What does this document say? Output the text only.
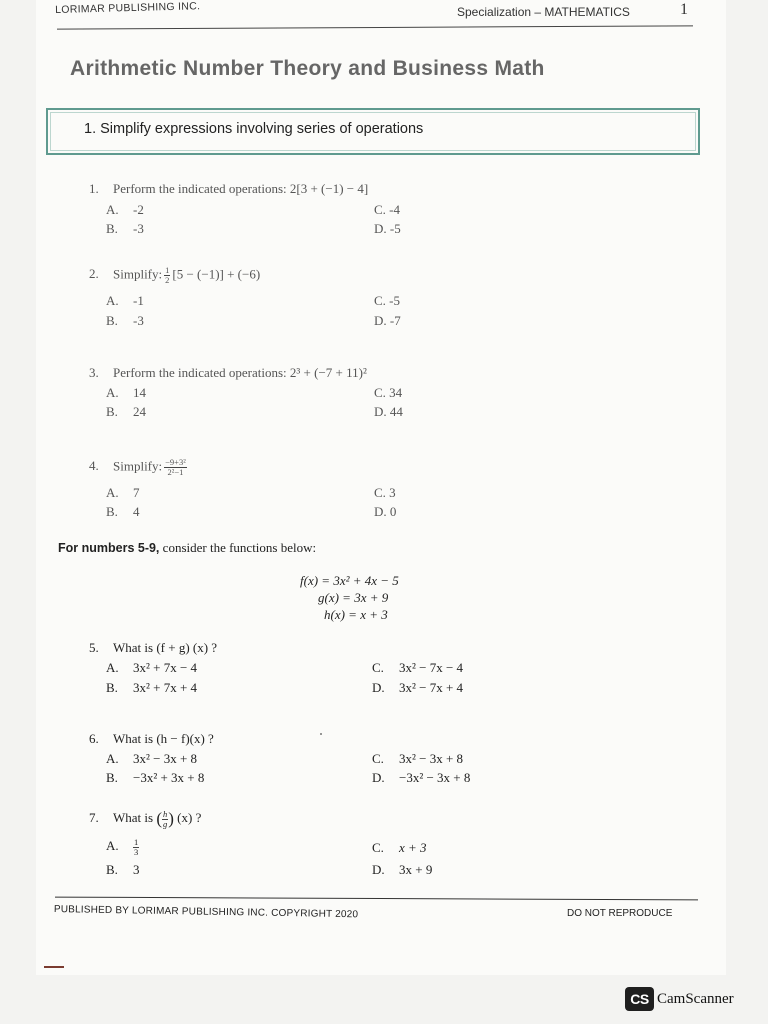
LORIMAR PUBLISHING INC.	Specialization – MATHEMATICS	1
Arithmetic Number Theory and Business Math
1. Simplify expressions involving series of operations
1. Perform the indicated operations: 2[3 + (−1) − 4]
A. -2
B. -3
C. -4
D. -5
2. Simplify: $\frac{1}{2} [5 - (-1)] + (-6)$
A. -1
B. -3
C. -5
D. -7
3. Perform the indicated operations: 2³ + (−7 + 11)²
A. 14
B. 24
C. 34
D. 44
4. Simplify: $\frac{\text{−9+3²}}{\text{2²−1}}$
A. 7
B. 4
C. 3
D. 0
For numbers 5-9, consider the functions below:
f(x) = 3x² + 4x − 5
g(x) = 3x + 9
h(x) = x + 3
5. What is (f + g) (x) ?
A. 3x² + 7x − 4
B. 3x² + 7x + 4
C. 3x² − 7x − 4
D. 3x² − 7x + 4
6. What is (h − f)(x) ?
A. 3x² − 3x + 8
B. −3x² + 3x + 8
C. 3x² − 3x + 8
D. −3x² − 3x + 8
7. What is ( $\frac{h}{g}$ ) (x) ?
A. $\frac{1}{3}$
B. 3
C. x + 3
D. 3x + 9
PUBLISHED BY LORIMAR PUBLISHING INC. COPYRIGHT 2020	DO NOT REPRODUCE
CS CamScanner
